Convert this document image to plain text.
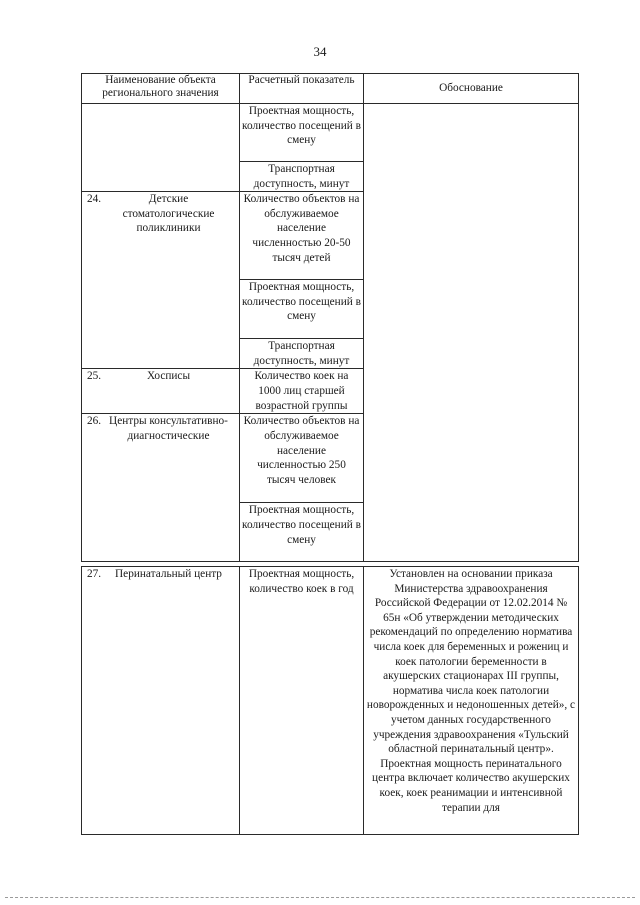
34
Наименование объекта регионального значения	Расчетный показатель	Обоснование
	Проектная мощность, количество посещений в смену	
	Транспортная доступность, минут	

24. Детские стоматологические поликлиники	Количество объектов на обслуживаемое население численностью 20-50 тысяч детей	
	Проектная мощность, количество посещений в смену	
	Транспортная доступность, минут	

25. Хосписы	Количество коек на 1000 лиц старшей возрастной группы	

26. Центры консультативно-диагностические	Количество объектов на обслуживаемое население численностью 250 тысяч человек	
	Проектная мощность, количество посещений в смену	
27.	Перинатальный центр	Проектная мощность, количество коек в год	Установлен на основании приказа Министерства здравоохранения Российской Федерации от 12.02.2014 № 65н «Об утверждении методических рекомендаций по определению норматива числа коек для беременных и рожениц и коек патологии беременности в акушерских стационарах III группы, норматива числа коек патологии новорожденных и недоношенных детей», с учетом данных государственного учреждения здравоохранения «Тульский областной перинатальный центр». Проектная мощность перинатального центра включает количество акушерских коек, коек реанимации и интенсивной терапии для
